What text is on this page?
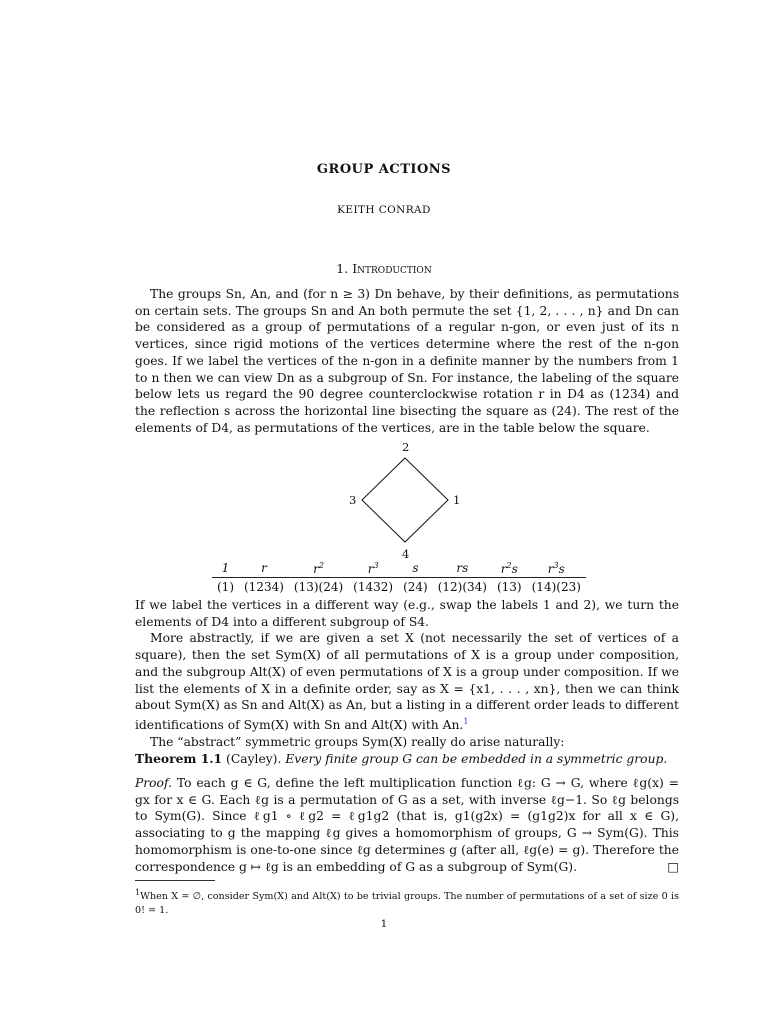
GROUP ACTIONS
KEITH CONRAD
1. Introduction
The groups Sn, An, and (for n ≥ 3) Dn behave, by their definitions, as permutations on certain sets. The groups Sn and An both permute the set {1, 2, . . . , n} and Dn can be considered as a group of permutations of a regular n-gon, or even just of its n vertices, since rigid motions of the vertices determine where the rest of the n-gon goes. If we label the vertices of the n-gon in a definite manner by the numbers from 1 to n then we can view Dn as a subgroup of Sn. For instance, the labeling of the square below lets us regard the 90 degree counterclockwise rotation r in D4 as (1234) and the reflection s across the horizontal line bisecting the square as (24). The rest of the elements of D4, as permutations of the vertices, are in the table below the square.
2
3	1
4
1	r	$r^2$	$r^3$	s	rs	$r^2s$	$r^3s$
(1)	(1234)	(13)(24)	(1432)	(24)	(12)(34)	(13)	(14)(23)
If we label the vertices in a different way (e.g., swap the labels 1 and 2), we turn the elements of D4 into a different subgroup of S4.
More abstractly, if we are given a set X (not necessarily the set of vertices of a square), then the set Sym(X) of all permutations of X is a group under composition, and the subgroup Alt(X) of even permutations of X is a group under composition. If we list the elements of X in a definite order, say as X = {x1, . . . , xn}, then we can think about Sym(X) as Sn and Alt(X) as An, but a listing in a different order leads to different identifications of Sym(X) with Sn and Alt(X) with An.$^1$
The “abstract” symmetric groups Sym(X) really do arise naturally:
Theorem 1.1 (Cayley). Every finite group G can be embedded in a symmetric group.
Proof. To each g ∈ G, define the left multiplication function ℓg: G → G, where ℓg(x) = gx for x ∈ G. Each ℓg is a permutation of G as a set, with inverse ℓg−1. So ℓg belongs to Sym(G). Since ℓg1 ∘ ℓg2 = ℓg1g2 (that is, g1(g2x) = (g1g2)x for all x ∈ G), associating to g the mapping ℓg gives a homomorphism of groups, G → Sym(G). This homomorphism is one-to-one since ℓg determines g (after all, ℓg(e) = g). Therefore the correspondence g ↦ ℓg is an embedding of G as a subgroup of Sym(G).	□
$^1$When X = ∅, consider Sym(X) and Alt(X) to be trivial groups. The number of permutations of a set of size 0 is 0! = 1.
1
